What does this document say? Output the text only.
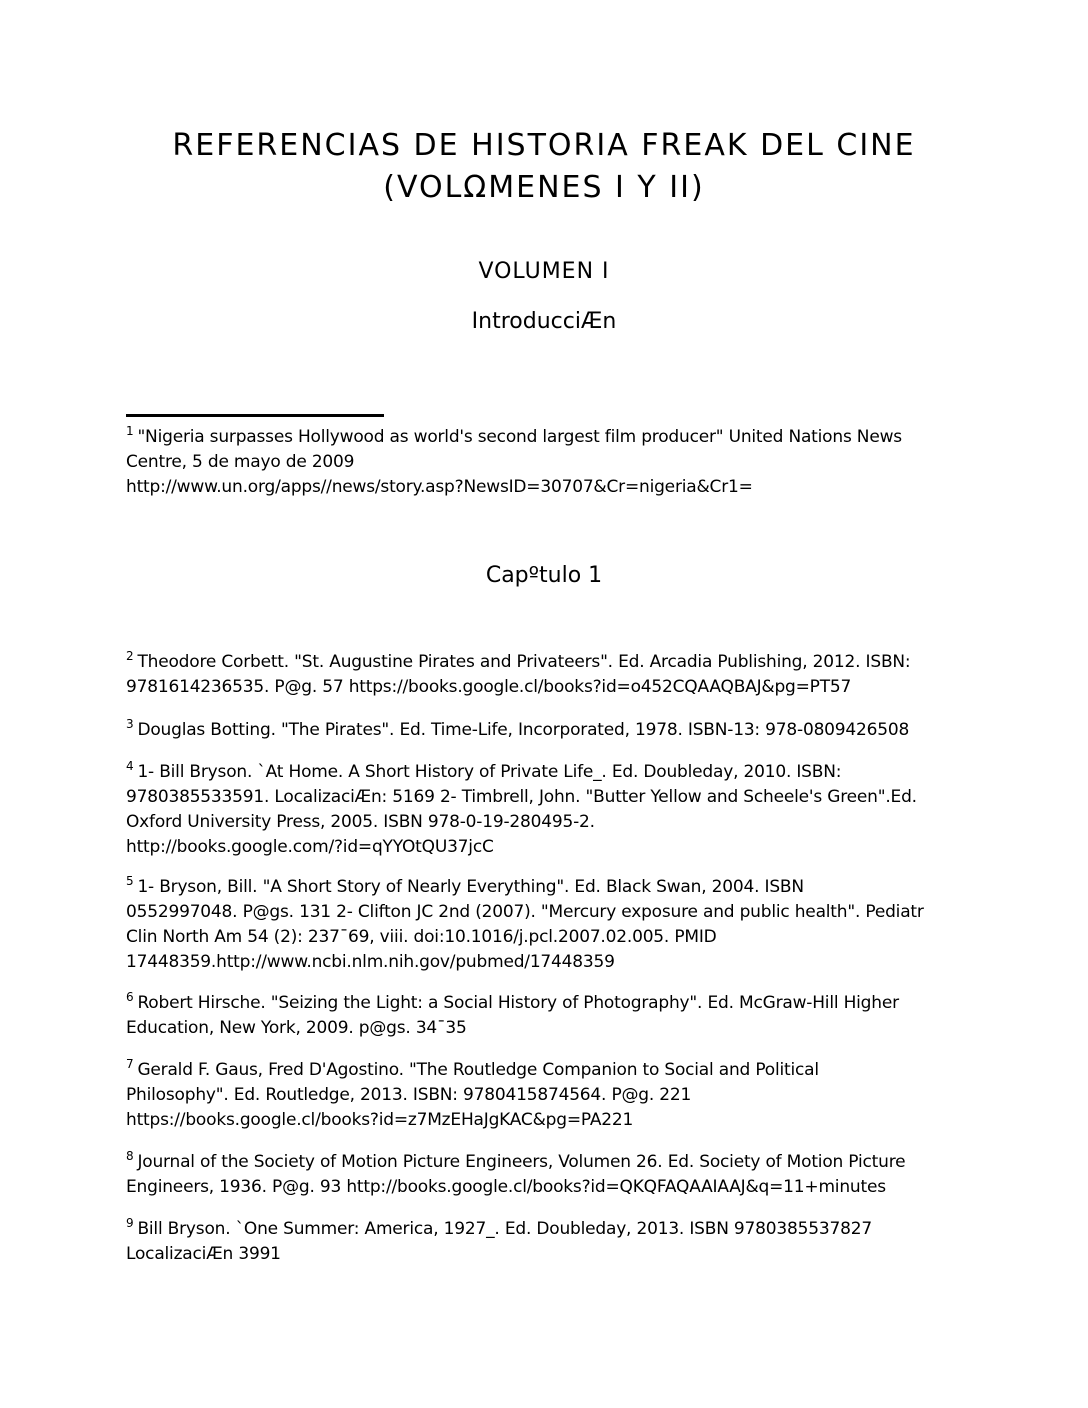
REFERENCIAS DE HISTORIA FREAK DEL CINE
(VOLΩMENES I Y II)
VOLUMEN I
IntroducciÆn

$^1$ "Nigeria surpasses Hollywood as world's second largest film producer" United Nations News
Centre, 5 de mayo de 2009
http://www.un.org/apps//news/story.asp?NewsID=30707&Cr=nigeria&Cr1=

Capºtulo 1

$^2$ Theodore Corbett. "St. Augustine Pirates and Privateers". Ed. Arcadia Publishing, 2012. ISBN:
9781614236535. P@g. 57 https://books.google.cl/books?id=o452CQAAQBAJ&pg=PT57

$^3$ Douglas Botting. "The Pirates". Ed. Time-Life, Incorporated, 1978. ISBN-13: 978-0809426508

$^4$ 1- Bill Bryson. `At Home. A Short History of Private Life_. Ed. Doubleday, 2010. ISBN:
9780385533591. LocalizaciÆn: 5169 2- Timbrell, John. "Butter Yellow and Scheele's Green".Ed.
Oxford University Press, 2005. ISBN 978-0-19-280495-2.
http://books.google.com/?id=qYYOtQU37jcC

$^5$ 1- Bryson, Bill. "A Short Story of Nearly Everything". Ed. Black Swan, 2004. ISBN
0552997048. P@gs. 131 2- Clifton JC 2nd (2007). "Mercury exposure and public health". Pediatr
Clin North Am 54 (2): 237¯69, viii. doi:10.1016/j.pcl.2007.02.005. PMID
17448359.http://www.ncbi.nlm.nih.gov/pubmed/17448359

$^6$ Robert Hirsche. "Seizing the Light: a Social History of Photography". Ed. McGraw-Hill Higher
Education, New York, 2009. p@gs. 34¯35

$^7$ Gerald F. Gaus, Fred D'Agostino. "The Routledge Companion to Social and Political
Philosophy". Ed. Routledge, 2013. ISBN: 9780415874564. P@g. 221
https://books.google.cl/books?id=z7MzEHaJgKAC&pg=PA221

$^8$ Journal of the Society of Motion Picture Engineers, Volumen 26. Ed. Society of Motion Picture
Engineers, 1936. P@g. 93 http://books.google.cl/books?id=QKQFAQAAIAAJ&q=11+minutes

$^9$ Bill Bryson. `One Summer: America, 1927_. Ed. Doubleday, 2013. ISBN 9780385537827
LocalizaciÆn 3991
